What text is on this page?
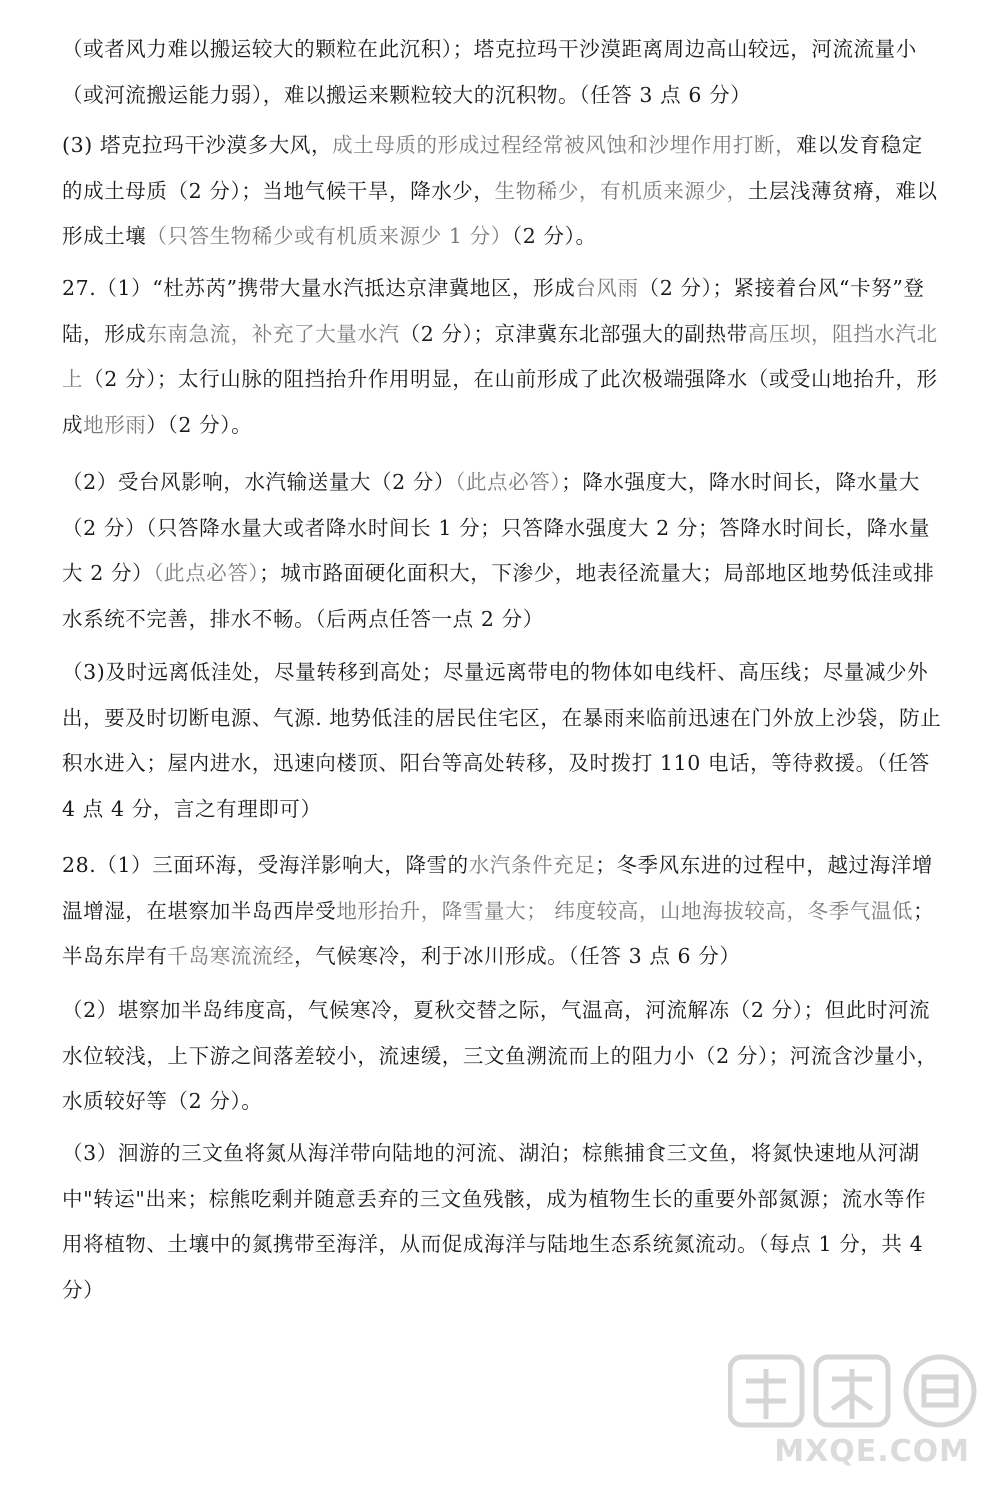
（或者风力难以搬运较大的颗粒在此沉积）；塔克拉玛干沙漠距离周边高山较远，河流流量小（或河流搬运能力弱），难以搬运来颗粒较大的沉积物。（任答 3 点 6 分）

(3) 塔克拉玛干沙漠多大风，成土母质的形成过程经常被风蚀和沙埋作用打断，难以发育稳定的成土母质（2 分）；当地气候干旱，降水少，生物稀少，有机质来源少，土层浅薄贫瘠，难以形成土壤（只答生物稀少或有机质来源少 1 分）（2 分）。

27.（1）“杜苏芮”携带大量水汽抵达京津冀地区，形成台风雨（2 分）；紧接着台风“卡努”登陆，形成东南急流，补充了大量水汽（2 分）；京津冀东北部强大的副热带高压坝，阻挡水汽北上（2 分）；太行山脉的阻挡抬升作用明显，在山前形成了此次极端强降水（或受山地抬升，形成地形雨）（2 分）。

（2）受台风影响，水汽输送量大（2 分）（此点必答）；降水强度大，降水时间长，降水量大（2 分）（只答降水量大或者降水时间长 1 分；只答降水强度大 2 分；答降水时间长，降水量大 2 分）（此点必答）；城市路面硬化面积大，下渗少，地表径流量大；局部地区地势低洼或排水系统不完善，排水不畅。（后两点任答一点 2 分）

（3)及时远离低洼处，尽量转移到高处；尽量远离带电的物体如电线杆、高压线；尽量减少外出，要及时切断电源、气源. 地势低洼的居民住宅区，在暴雨来临前迅速在门外放上沙袋，防止积水进入；屋内进水，迅速向楼顶、阳台等高处转移，及时拨打 110 电话，等待救援。（任答 4 点 4 分，言之有理即可）

28.（1）三面环海，受海洋影响大，降雪的水汽条件充足；冬季风东进的过程中，越过海洋增温增湿，在堪察加半岛西岸受地形抬升，降雪量大； 纬度较高，山地海拔较高，冬季气温低； 半岛东岸有千岛寒流流经，气候寒冷，利于冰川形成。（任答 3 点 6 分）

（2）堪察加半岛纬度高，气候寒冷，夏秋交替之际，气温高，河流解冻（2 分）；但此时河流水位较浅，上下游之间落差较小，流速缓，三文鱼溯流而上的阻力小（2 分）；河流含沙量小，水质较好等（2 分）。

（3）洄游的三文鱼将氮从海洋带向陆地的河流、湖泊；棕熊捕食三文鱼，将氮快速地从河湖中"转运"出来；棕熊吃剩并随意丢弃的三文鱼残骸，成为植物生长的重要外部氮源；流水等作用将植物、土壤中的氮携带至海洋，从而促成海洋与陆地生态系统氮流动。（每点 1 分，共 4 分）

MXQE.COM
